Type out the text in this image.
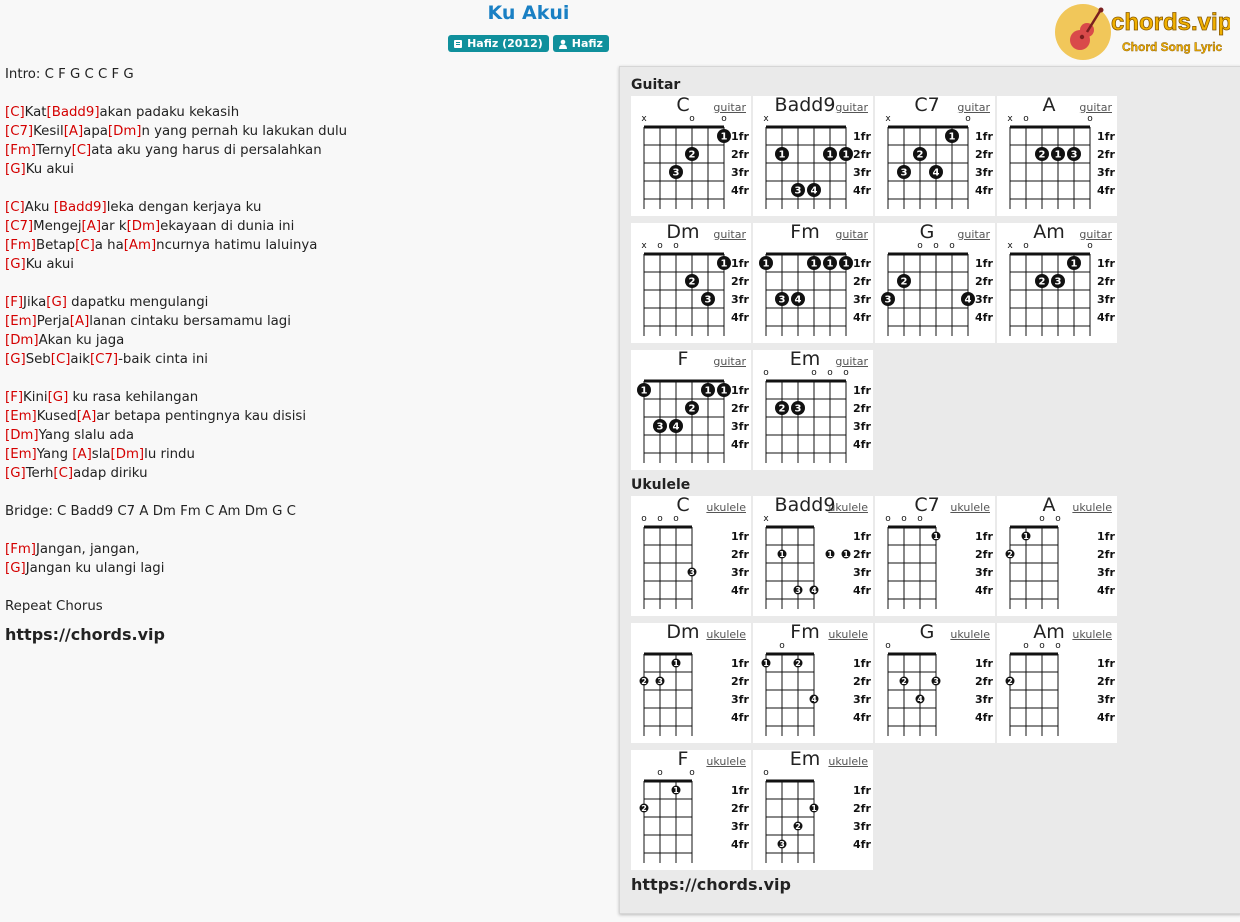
Ku Akui
Hafiz (2012)	Hafiz
chords.vip
Chord Song Lyric
Intro: C F G C C F G
[C]Kat[Badd9]akan padaku kekasih
[C7]Kesil[A]apa[Dm]n yang pernah ku lakukan dulu
[Fm]Terny[C]ata aku yang harus di persalahkan
[G]Ku akui
[C]Aku [Badd9]leka dengan kerjaya ku
[C7]Mengej[A]ar k[Dm]ekayaan di dunia ini
[Fm]Betap[C]a ha[Am]ncurnya hatimu laluinya
[G]Ku akui
[F]Jika[G] dapatku mengulangi
[Em]Perja[A]lanan cintaku bersamamu lagi
[Dm]Akan ku jaga
[G]Seb[C]aik[C7]-baik cinta ini
[F]Kini[G] ku rasa kehilangan
[Em]Kused[A]ar betapa pentingnya kau disisi
[Dm]Yang slalu ada
[Em]Yang [A]sla[Dm]lu rindu
[G]Terh[C]adap diriku
Bridge: C Badd9 C7 A Dm Fm C Am Dm G C
[Fm]Jangan, jangan,
[G]Jangan ku ulangi lagi
Repeat Chorus
https://chords.vip
Guitar
C	guitar
x	o	o
1fr
2fr
3fr
4fr
3
2
1
Badd9 guitar
x
1fr
2fr
3fr
4fr
1
3 4
1 1
C7	guitar
x	o
1fr
2fr
3fr
4fr
3
2
4
1
A	guitar
x o	o
1fr
2fr
3fr
4fr
2 1 3
Dm	guitar
x o o
1fr
2fr
3fr
4fr
2
3
1
Fm	guitar
1fr
2fr
3fr
4fr
1
3 4
1 1 1
G	guitar
o o o
1fr
2fr
3fr
4fr
3
2
4
Am	guitar
x o	o
1fr
2fr
3fr
4fr
2 3
1
F	guitar
1fr
2fr
3fr
4fr
1
3 4
2
1 1
Em	guitar
o	o o o
1fr
2fr
3fr
4fr
2 3
Ukulele
C	ukulele
o o o
1fr
2fr
3fr
4fr
3
Badd9
ukulele
x
1fr
2fr
3fr
4fr
1
3 4
1 1
C7 ukulele
o o o
1fr
2fr
3fr
4fr
1
A	ukulele
o o
1fr
2fr
3fr
4fr
2
1
Dm ukulele
1fr
2fr
3fr
4fr
2 3
1
Fm ukulele
o
1fr
2fr
3fr
4fr
1	2
4
G	ukulele
o
1fr
2fr
3fr
4fr
2
4
3
Am ukulele
o o o
1fr
2fr
3fr
4fr
2
F	ukulele
o	o
1fr
2fr
3fr
4fr
2
1
Em ukulele
o
1fr
2fr
3fr
4fr
3
2
1
https://chords.vip
